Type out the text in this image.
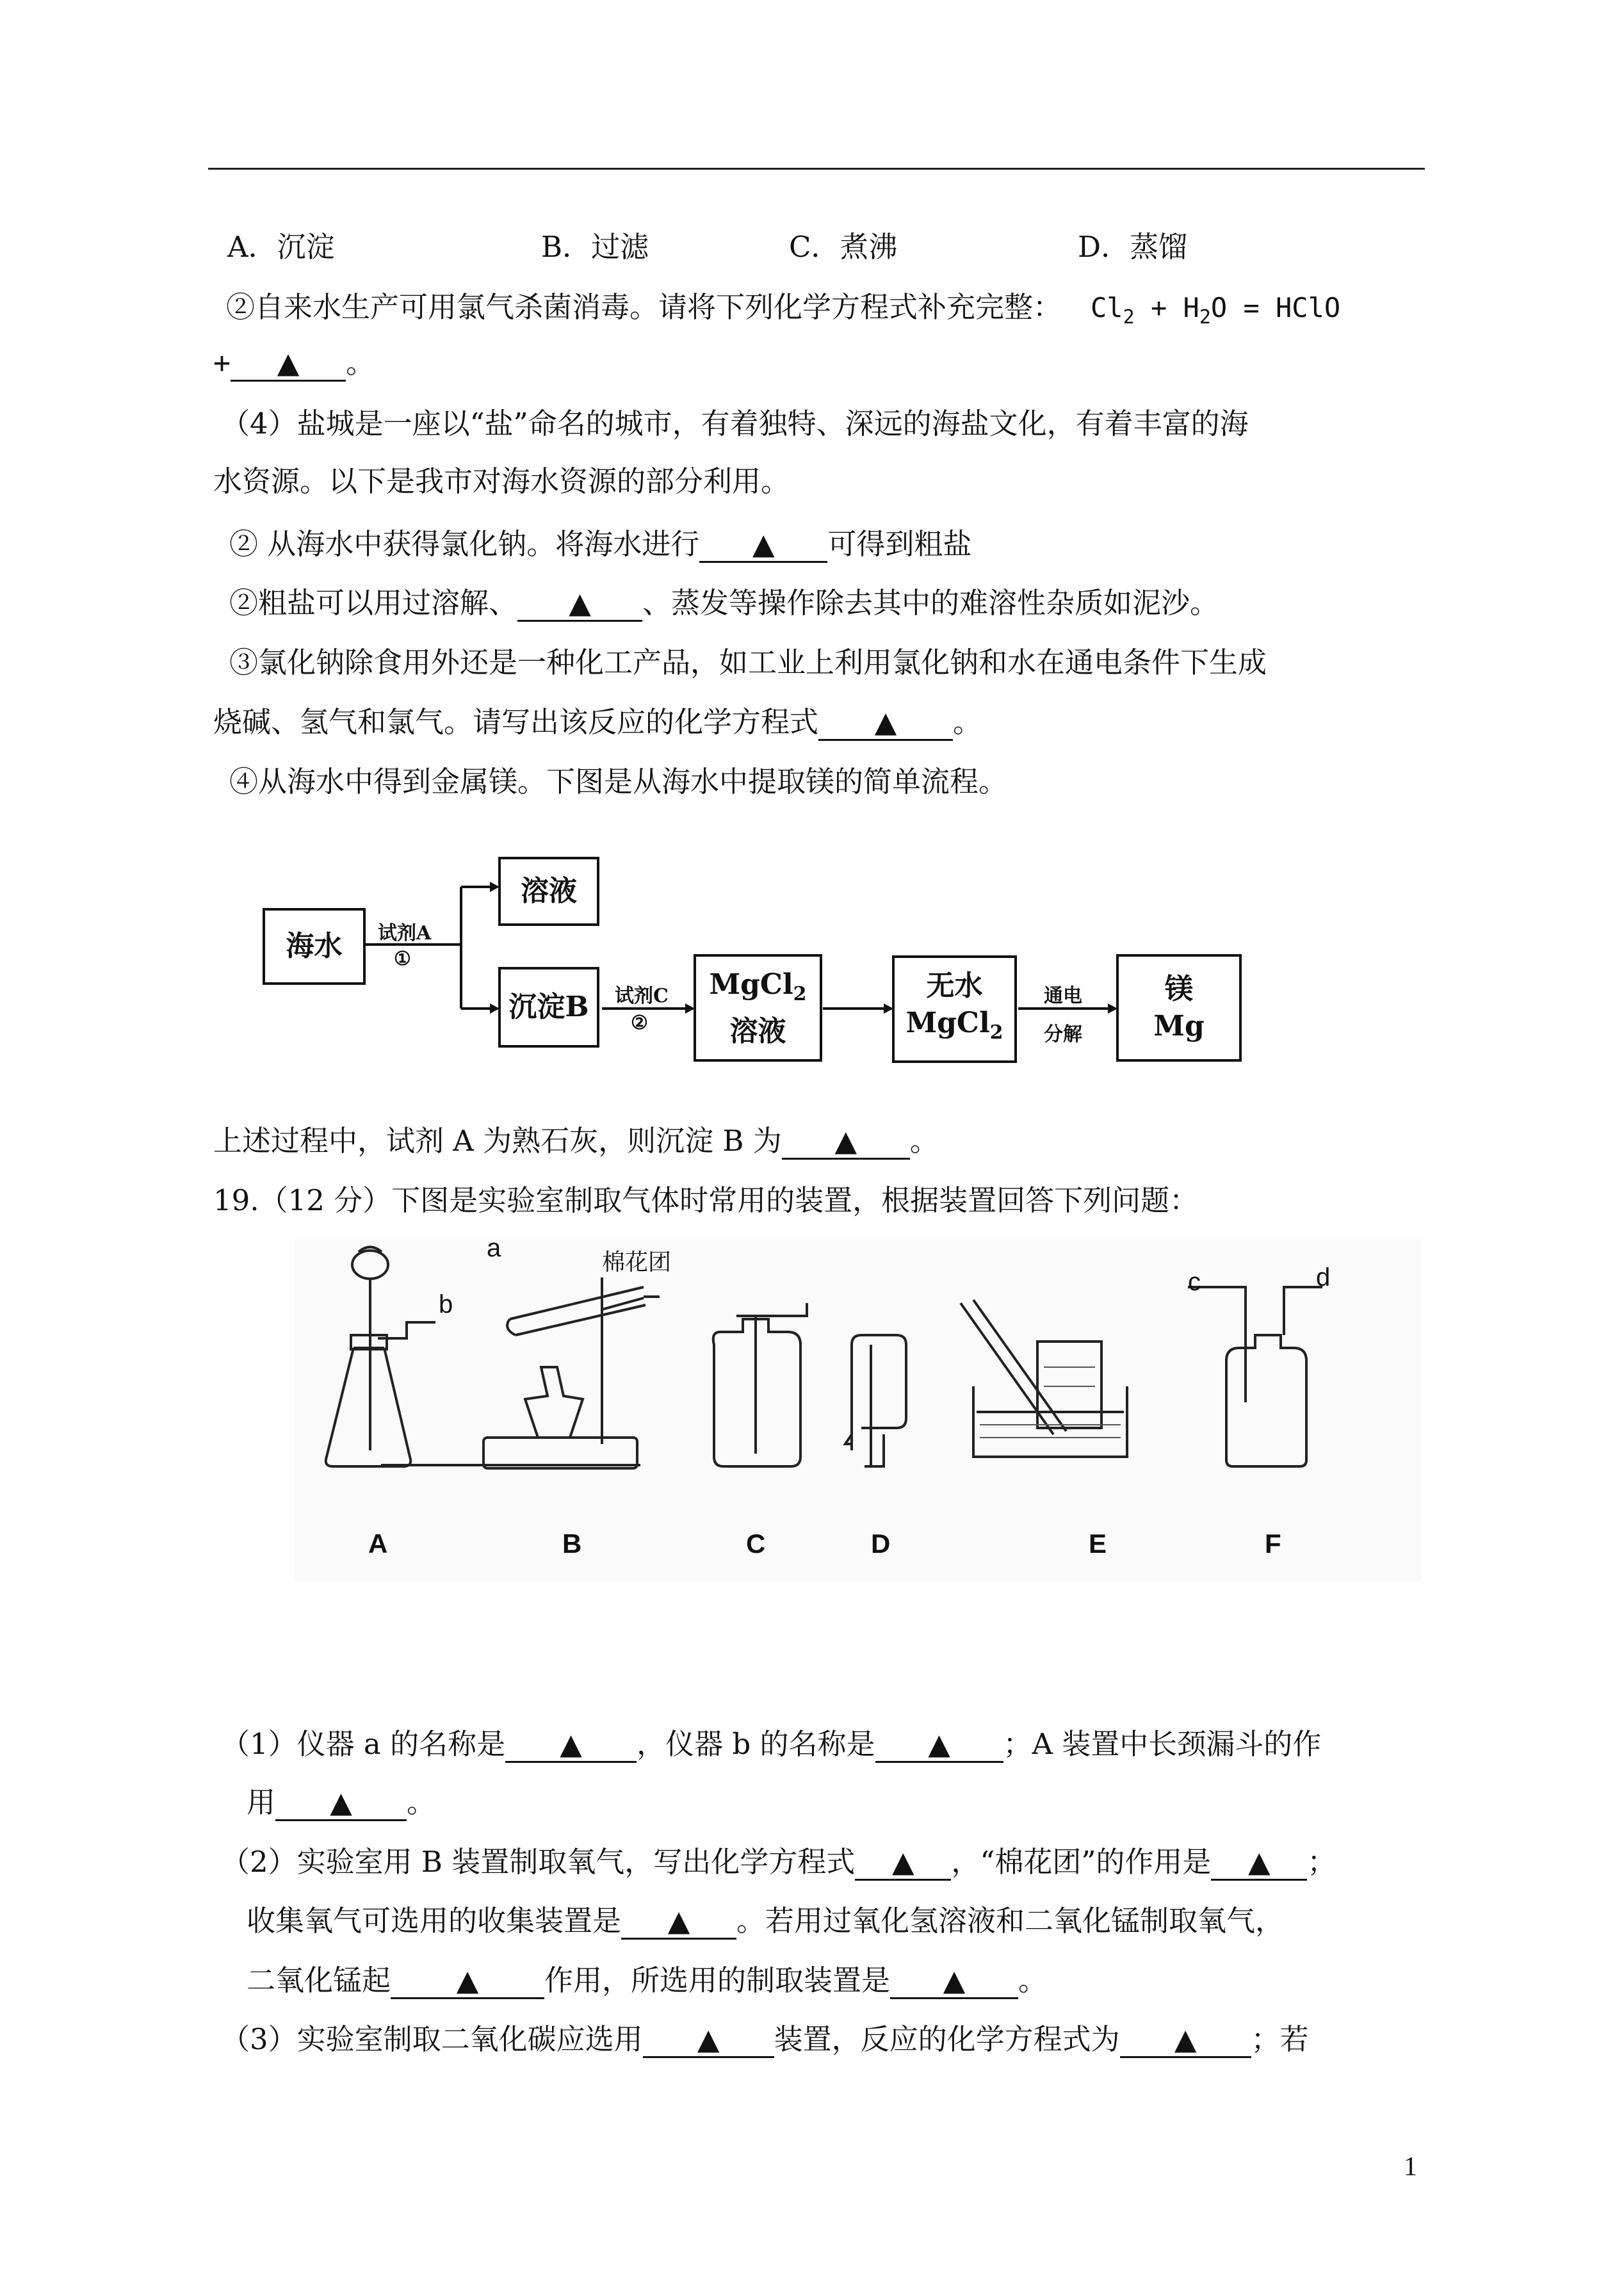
A．沉淀	B．过滤	C．煮沸	D．蒸馏
②自来水生产可用氯气杀菌消毒。请将下列化学方程式补充完整： $Cl_2 + H_2O$ = HClO
+ ▲ 。
（4）盐城是一座以“盐”命名的城市，有着独特、深远的海盐文化，有着丰富的海
水资源。以下是我市对海水资源的部分利用。
② 从海水中获得氯化钠。将海水进行 ▲ 可得到粗盐
②粗盐可以用过溶解、 ▲ 、蒸发等操作除去其中的难溶性杂质如泥沙。
③氯化钠除食用外还是一种化工产品，如工业上利用氯化钠和水在通电条件下生成
烧碱、氢气和氯气。请写出该反应的化学方程式 ▲ 。
④从海水中得到金属镁。下图是从海水中提取镁的简单流程。
海水
溶液
沉淀B
MgCl$_2$
溶液
无水
MgCl$_2$
镁
Mg
试剂A
①
试剂C
②
通电
分解
上述过程中，试剂 A 为熟石灰，则沉淀 B 为 ▲ 。
19.（12 分）下图是实验室制取气体时常用的装置，根据装置回答下列问题：
a
b
c	d
棉花团
A	B	C	D	E	F
（1）仪器 a 的名称是 ▲ ，仪器 b 的名称是 ▲ ；A 装置中长颈漏斗的作
用 ▲ 。
（2）实验室用 B 装置制取氧气，写出化学方程式 ▲ ，“棉花团”的作用是 ▲ ；
收集氧气可选用的收集装置是 ▲ 。若用过氧化氢溶液和二氧化锰制取氧气，
二氧化锰起 ▲ 作用，所选用的制取装置是 ▲ 。
（3）实验室制取二氧化碳应选用 ▲ 装置，反应的化学方程式为 ▲ ；若
1
